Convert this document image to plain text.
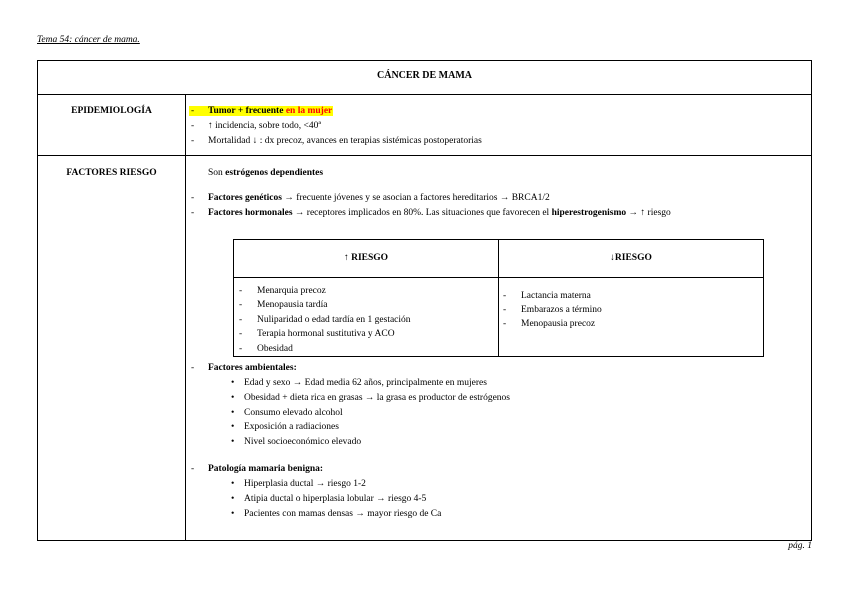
Tema 54: cáncer de mama.
CÁNCER DE MAMA
EPIDEMIOLOGÍA
-	Tumor + frecuente en la mujer
- ↑ incidencia, sobre todo, <40ª
- Mortalidad ↓ : dx precoz, avances en terapias sistémicas postoperatorias
FACTORES RIESGO	Son estrógenos dependientes

- Factores genéticos → frecuente jóvenes y se asocian a factores hereditarios → BRCA1/2
- Factores hormonales → receptores implicados en 80%. Las situaciones que favorecen el hiperestrogenismo → ↑ riesgo
↑ RIESGO	↓RIESGO
- Menarquia precoz
- Menopausia tardía
- Nuliparidad o edad tardía en 1 gestación
- Terapia hormonal sustitutiva y ACO
- Obesidad
- Lactancia materna
- Embarazos a término
- Menopausia precoz
- Factores ambientales:
• Edad y sexo → Edad media 62 años, principalmente en mujeres
• Obesidad + dieta rica en grasas → la grasa es productor de estrógenos
• Consumo elevado alcohol
• Exposición a radiaciones
• Nivel socioeconómico elevado
- Patología mamaria benigna:
• Hiperplasia ductal → riesgo 1-2
• Atipia ductal o hiperplasia lobular → riesgo 4-5
• Pacientes con mamas densas → mayor riesgo de Ca
pág. 1
